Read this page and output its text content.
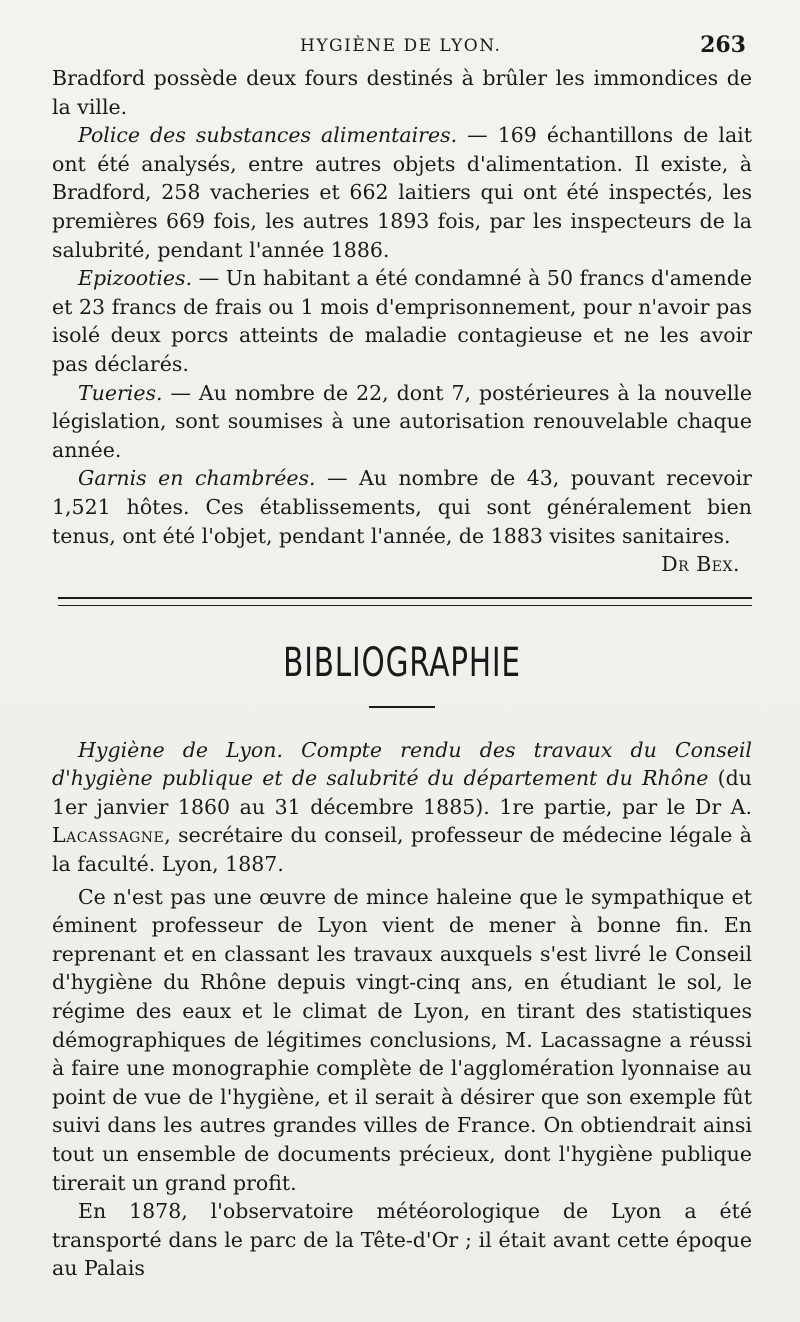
HYGIÈNE DE LYON.	263

Bradford possède deux fours destinés à brûler les immondices de la ville.

Police des substances alimentaires. — 169 échantillons de lait ont été analysés, entre autres objets d'alimentation. Il existe, à Bradford, 258 vacheries et 662 laitiers qui ont été inspectés, les premières 669 fois, les autres 1893 fois, par les inspecteurs de la salubrité, pendant l'année 1886.

Epizooties. — Un habitant a été condamné à 50 francs d'amende et 23 francs de frais ou 1 mois d'emprisonnement, pour n'avoir pas isolé deux porcs atteints de maladie contagieuse et ne les avoir pas déclarés.

Tueries. — Au nombre de 22, dont 7, postérieures à la nouvelle législation, sont soumises à une autorisation renouvelable chaque année.

Garnis en chambrées. — Au nombre de 43, pouvant recevoir 1,521 hôtes. Ces établissements, qui sont généralement bien tenus, ont été l'objet, pendant l'année, de 1883 visites sanitaires.

Dr Bex.
BIBLIOGRAPHIE

Hygiène de Lyon. Compte rendu des travaux du Conseil d'hygiène publique et de salubrité du département du Rhône (du 1er janvier 1860 au 31 décembre 1885). 1re partie, par le Dr A. Lacassagne, secrétaire du conseil, professeur de médecine légale à la faculté. Lyon, 1887.

Ce n'est pas une œuvre de mince haleine que le sympathique et éminent professeur de Lyon vient de mener à bonne fin. En reprenant et en classant les travaux auxquels s'est livré le Conseil d'hygiène du Rhône depuis vingt-cinq ans, en étudiant le sol, le régime des eaux et le climat de Lyon, en tirant des statistiques démographiques de légitimes conclusions, M. Lacassagne a réussi à faire une monographie complète de l'agglomération lyonnaise au point de vue de l'hygiène, et il serait à désirer que son exemple fût suivi dans les autres grandes villes de France. On obtiendrait ainsi tout un ensemble de documents précieux, dont l'hygiène publique tirerait un grand profit.

En 1878, l'observatoire météorologique de Lyon a été transporté dans le parc de la Tête-d'Or ; il était avant cette époque au Palais
